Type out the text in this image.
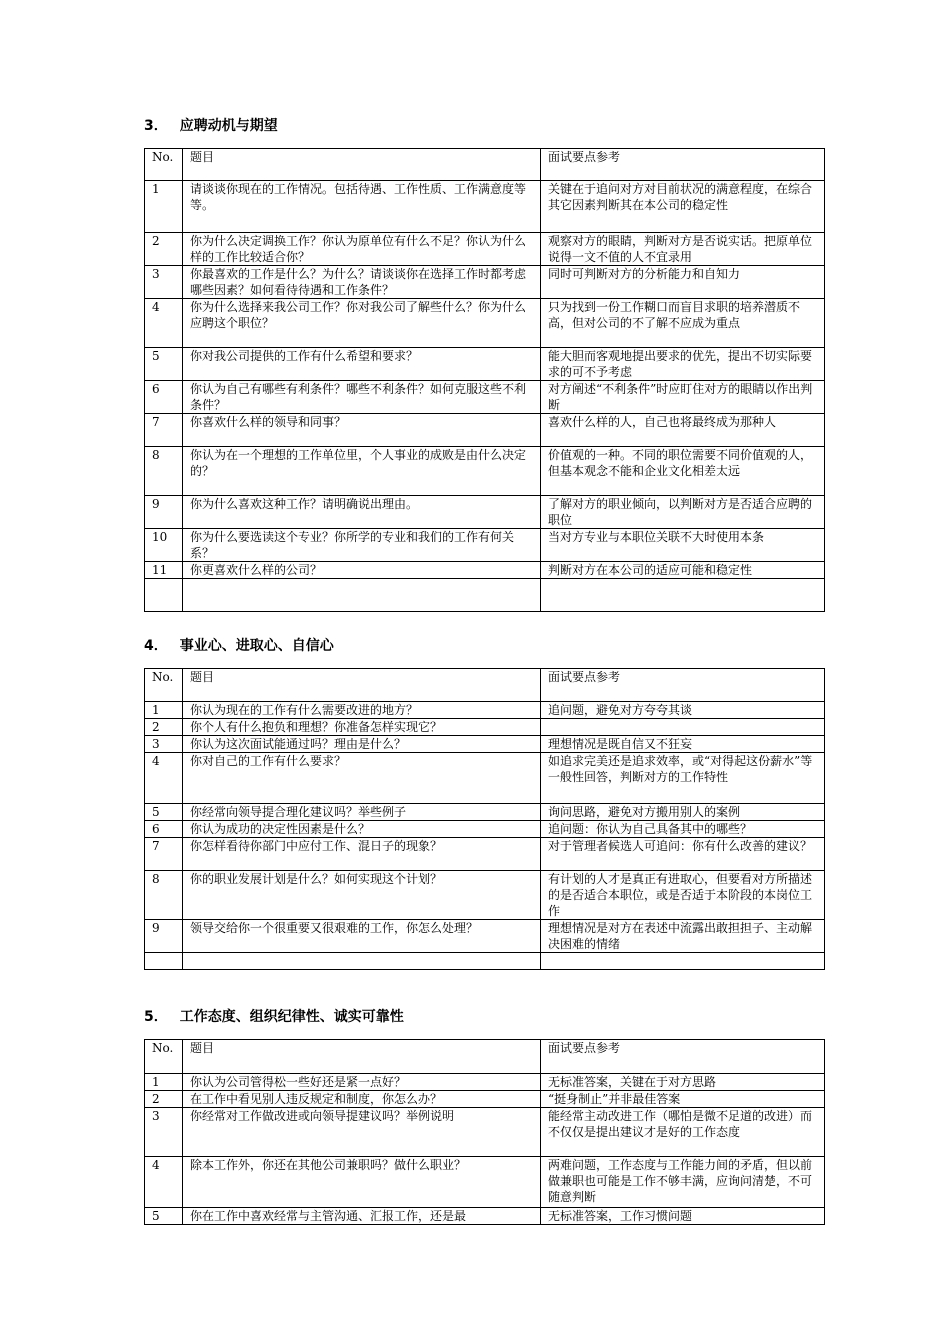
3． 应聘动机与期望
No.	题目	面试要点参考
1	请谈谈你现在的工作情况。包括待遇、工作性质、工作满意度等等。	关键在于追问对方对目前状况的满意程度，在综合其它因素判断其在本公司的稳定性
2	你为什么决定调换工作？你认为原单位有什么不足？你认为什么样的工作比较适合你？	观察对方的眼睛，判断对方是否说实话。把原单位说得一文不值的人不宜录用
3	你最喜欢的工作是什么？为什么？请谈谈你在选择工作时都考虑哪些因素？如何看待待遇和工作条件？	同时可判断对方的分析能力和自知力
4	你为什么选择来我公司工作？你对我公司了解些什么？你为什么应聘这个职位？	只为找到一份工作糊口而盲目求职的培养潜质不高，但对公司的不了解不应成为重点
5	你对我公司提供的工作有什么希望和要求？	能大胆而客观地提出要求的优先，提出不切实际要求的可不予考虑
6	你认为自己有哪些有利条件？哪些不利条件？如何克服这些不利条件？	对方阐述“不利条件”时应盯住对方的眼睛以作出判断
7	你喜欢什么样的领导和同事？	喜欢什么样的人，自己也将最终成为那种人
8	你认为在一个理想的工作单位里，个人事业的成败是由什么决定的？	价值观的一种。不同的职位需要不同价值观的人，但基本观念不能和企业文化相差太远
9	你为什么喜欢这种工作？请明确说出理由。	了解对方的职业倾向，以判断对方是否适合应聘的职位
10	你为什么要选读这个专业？你所学的专业和我们的工作有何关系？	当对方专业与本职位关联不大时使用本条
11	你更喜欢什么样的公司？	判断对方在本公司的适应可能和稳定性

4． 事业心、进取心、自信心
No.	题目	面试要点参考
1	你认为现在的工作有什么需要改进的地方？	追问题，避免对方夸夸其谈
2	你个人有什么抱负和理想？你准备怎样实现它？	
3	你认为这次面试能通过吗？理由是什么？	理想情况是既自信又不狂妄
4	你对自己的工作有什么要求？	如追求完美还是追求效率，或“对得起这份薪水”等一般性回答，判断对方的工作特性
5	你经常向领导提合理化建议吗？举些例子	询问思路，避免对方搬用别人的案例
6	你认为成功的决定性因素是什么？	追问题：你认为自己具备其中的哪些？
7	你怎样看待你部门中应付工作、混日子的现象？	对于管理者候选人可追问：你有什么改善的建议？
8	你的职业发展计划是什么？如何实现这个计划？	有计划的人才是真正有进取心，但要看对方所描述的是否适合本职位，或是否适于本阶段的本岗位工作
9	领导交给你一个很重要又很艰难的工作，你怎么处理？	理想情况是对方在表述中流露出敢担担子、主动解决困难的情绪

5． 工作态度、组织纪律性、诚实可靠性
No.	题目	面试要点参考
1	你认为公司管得松一些好还是紧一点好？	无标准答案，关键在于对方思路
2	在工作中看见别人违反规定和制度，你怎么办？	“挺身制止”并非最佳答案
3	你经常对工作做改进或向领导提建议吗？举例说明	能经常主动改进工作（哪怕是微不足道的改进）而不仅仅是提出建议才是好的工作态度
4	除本工作外，你还在其他公司兼职吗？做什么职业？	两难问题，工作态度与工作能力间的矛盾，但以前做兼职也可能是工作不够丰满，应询问清楚，不可随意判断
5	你在工作中喜欢经常与主管沟通、汇报工作，还是最	无标准答案，工作习惯问题
